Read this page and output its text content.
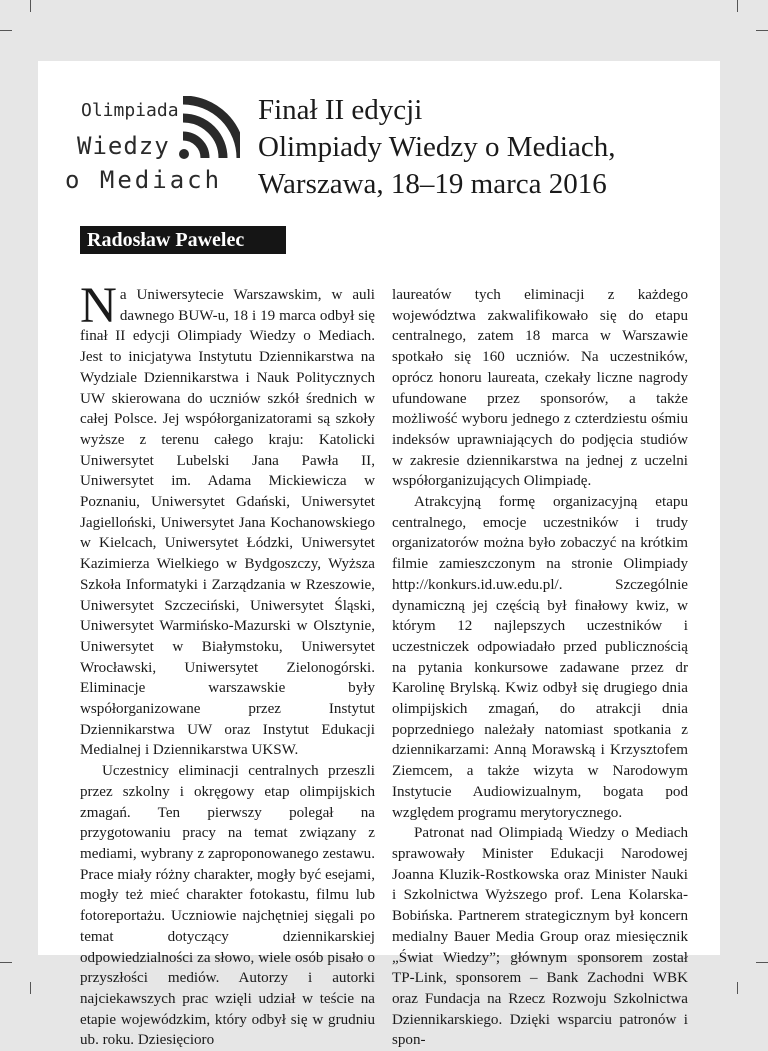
Olimpiada
Wiedzy
o Mediach
Finał II edycji
Olimpiady Wiedzy o Mediach,
Warszawa, 18–19 marca 2016
Radosław Pawelec

Na Uniwersytecie Warszawskim, w auli dawnego BUW-u, 18 i 19 marca odbył się finał II edycji Olimpiady Wiedzy o Mediach. Jest to inicjatywa Instytutu Dziennikarstwa na Wydziale Dziennikarstwa i Nauk Politycznych UW skierowana do uczniów szkół średnich w całej Polsce. Jej współorganizatorami są szkoły wyższe z terenu całego kraju: Katolicki Uniwersytet Lubelski Jana Pawła II, Uniwersytet im. Adama Mickiewicza w Poznaniu, Uniwersytet Gdański, Uniwersytet Jagielloński, Uniwersytet Jana Kochanowskiego w Kielcach, Uniwersytet Łódzki, Uniwersytet Kazimierza Wielkiego w Bydgoszczy, Wyższa Szkoła Informatyki i Zarządzania w Rzeszowie, Uniwersytet Szczeciński, Uniwersytet Śląski, Uniwersytet Warmińsko-Mazurski w Olsztynie, Uniwersytet w Białymstoku, Uniwersytet Wrocławski, Uniwersytet Zielonogórski. Eliminacje warszawskie były współorganizowane przez Instytut Dziennikarstwa UW oraz Instytut Edukacji Medialnej i Dziennikarstwa UKSW.

Uczestnicy eliminacji centralnych przeszli przez szkolny i okręgowy etap olimpijskich zmagań. Ten pierwszy polegał na przygotowaniu pracy na temat związany z mediami, wybrany z zaproponowanego zestawu. Prace miały różny charakter, mogły być esejami, mogły też mieć charakter fotokastu, filmu lub fotoreportażu. Uczniowie najchętniej sięgali po temat dotyczący dziennikarskiej odpowiedzialności za słowo, wiele osób pisało o przyszłości mediów. Autorzy i autorki najciekawszych prac wzięli udział w teście na etapie wojewódzkim, który odbył się w grudniu ub. roku. Dziesięcioro

laureatów tych eliminacji z każdego województwa zakwalifikowało się do etapu centralnego, zatem 18 marca w Warszawie spotkało się 160 uczniów. Na uczestników, oprócz honoru laureata, czekały liczne nagrody ufundowane przez sponsorów, a także możliwość wyboru jednego z czterdziestu ośmiu indeksów uprawniających do podjęcia studiów w zakresie dziennikarstwa na jednej z uczelni współorganizujących Olimpiadę.

Atrakcyjną formę organizacyjną etapu centralnego, emocje uczestników i trudy organizatorów można było zobaczyć na krótkim filmie zamieszczonym na stronie Olimpiady http://konkurs.id.uw.edu.pl/. Szczególnie dynamiczną jej częścią był finałowy kwiz, w którym 12 najlepszych uczestników i uczestniczek odpowiadało przed publicznością na pytania konkursowe zadawane przez dr Karolinę Brylską. Kwiz odbył się drugiego dnia olimpijskich zmagań, do atrakcji dnia poprzedniego należały natomiast spotkania z dziennikarzami: Anną Morawską i Krzysztofem Ziemcem, a także wizyta w Narodowym Instytucie Audiowizualnym, bogata pod względem programu merytorycznego.

Patronat nad Olimpiadą Wiedzy o Mediach sprawowały Minister Edukacji Narodowej Joanna Kluzik-Rostkowska oraz Minister Nauki i Szkolnictwa Wyższego prof. Lena Kolarska-Bobińska. Partnerem strategicznym był koncern medialny Bauer Media Group oraz miesięcznik „Świat Wiedzy”; głównym sponsorem został TP-Link, sponsorem – Bank Zachodni WBK oraz Fundacja na Rzecz Rozwoju Szkolnictwa Dziennikarskiego. Dzięki wsparciu patronów i spon-
